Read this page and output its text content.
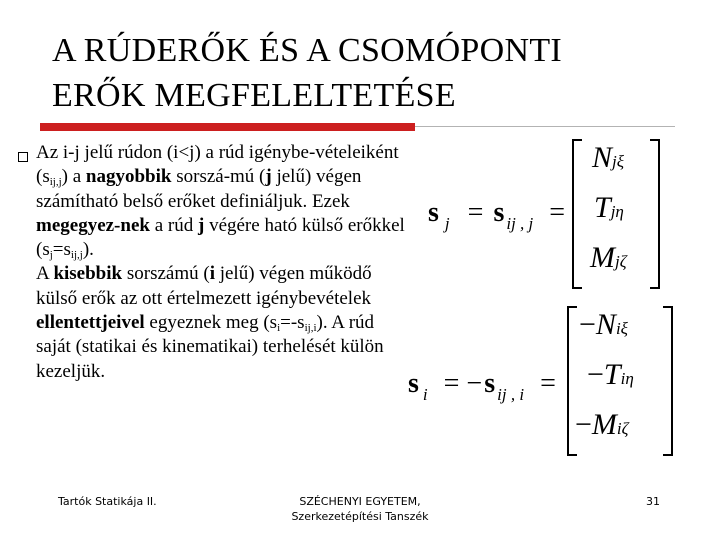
A RÚDERŐK ÉS A CSOMÓPONTI
ERŐK MEGFELELTETÉSE

Az i-j jelű rúdon (i<j) a rúd igénybe-vételeiként $(s_{ij,j})$ a nagyobbik sorszá-mú (j jelű) végen számítható belső erőket definiáljuk. Ezek megegyez-nek a rúd j végére ható külső erőkkel $(s_j=s_{ij,j})$.

A kisebbik sorszámú (i jelű) végen működő külső erők az ott értelmezett igénybevételek ellentettjeivel egyeznek meg $(s_i=-s_{ij,i})$. A rúd saját (statikai és kinematikai) terhelését külön kezeljük.

sj = s ij , j =
Njξ
Tjη
Mjζ
si = −s ij , i =
−Niξ
−Tiη
−Miζ
Tartók Statikája II.	SZÉCHENYI EGYETEM,
Szerkezetépítési Tanszék
31
